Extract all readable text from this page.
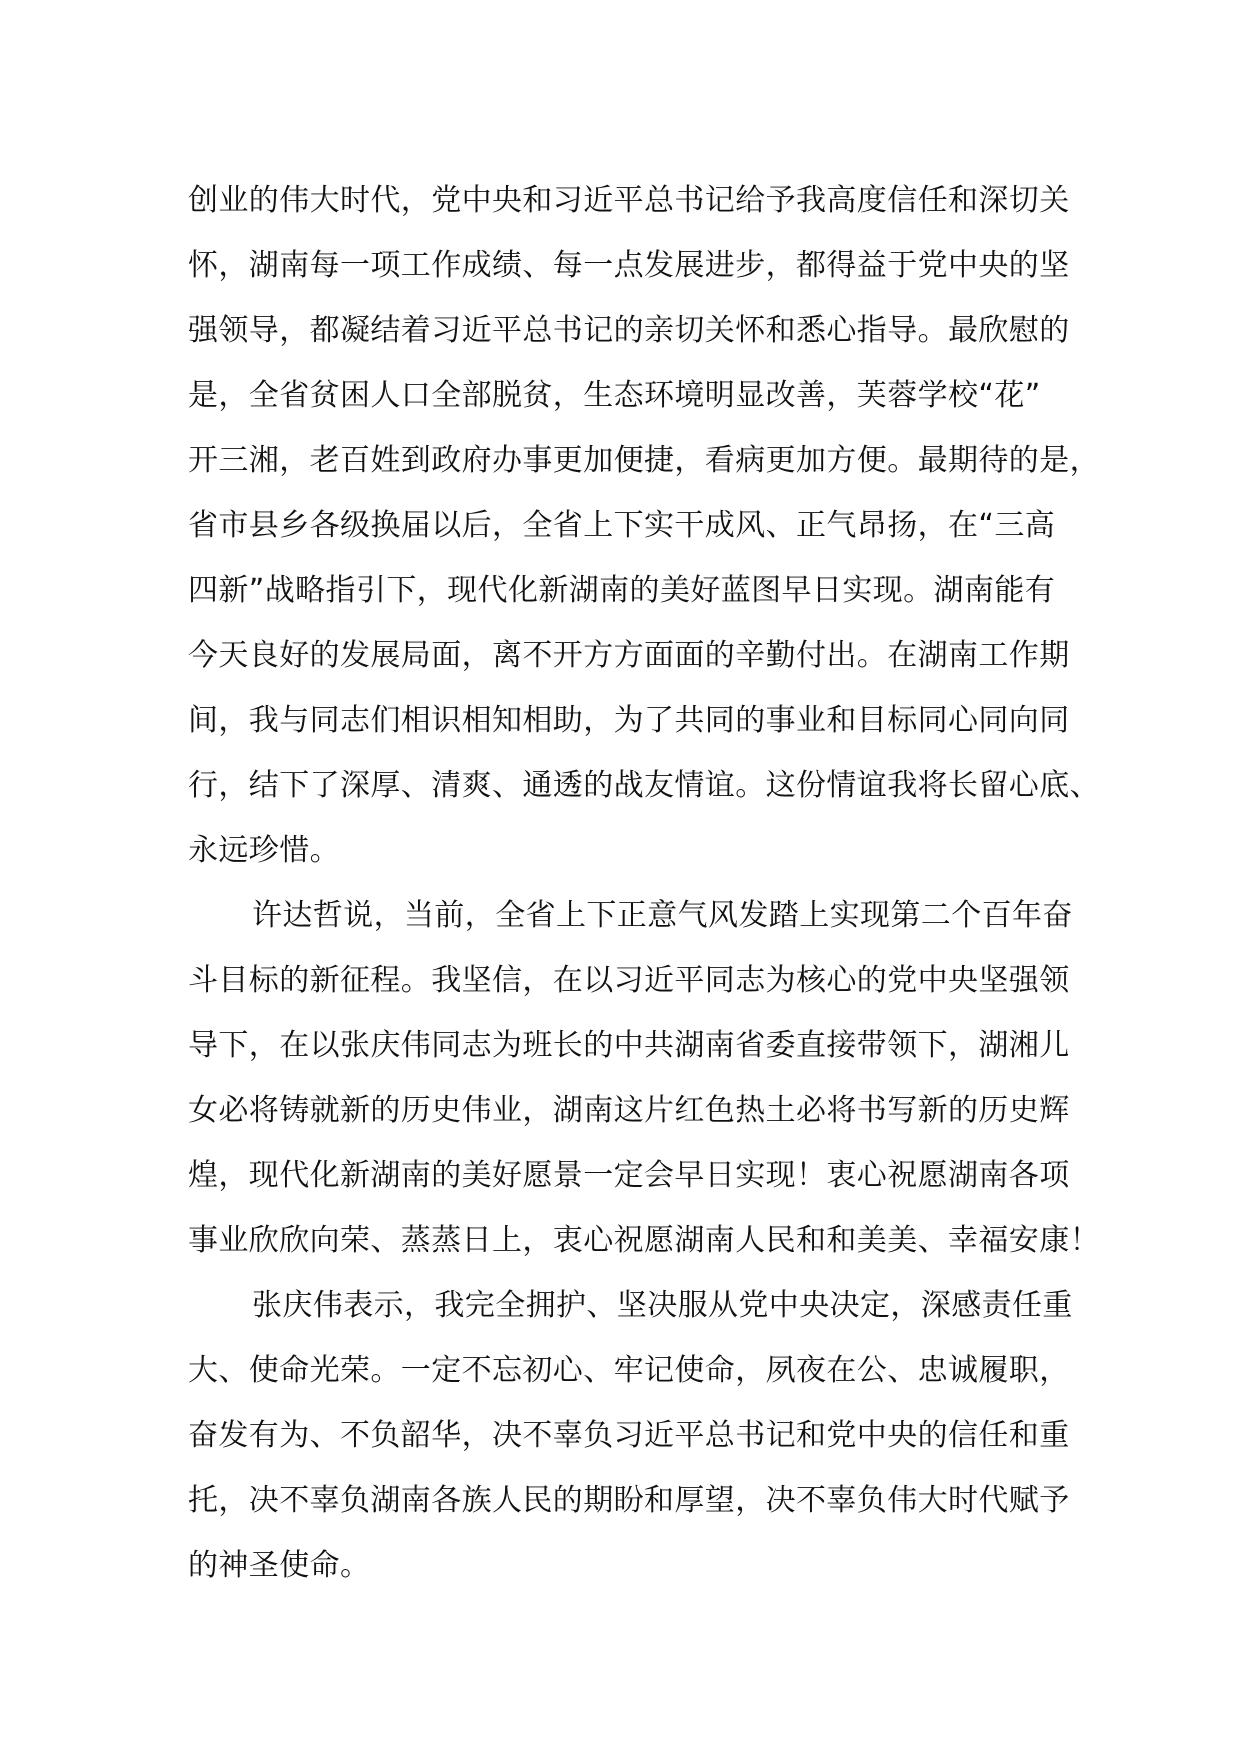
创业的伟大时代，党中央和习近平总书记给予我高度信任和深切关
怀，湖南每一项工作成绩、每一点发展进步，都得益于党中央的坚
强领导，都凝结着习近平总书记的亲切关怀和悉心指导。最欣慰的
是，全省贫困人口全部脱贫，生态环境明显改善，芙蓉学校“花”
开三湘，老百姓到政府办事更加便捷，看病更加方便。最期待的是，
省市县乡各级换届以后，全省上下实干成风、正气昂扬，在“三高
四新”战略指引下，现代化新湖南的美好蓝图早日实现。湖南能有
今天良好的发展局面，离不开方方面面的辛勤付出。在湖南工作期
间，我与同志们相识相知相助，为了共同的事业和目标同心同向同
行，结下了深厚、清爽、通透的战友情谊。这份情谊我将长留心底、
永远珍惜。
许达哲说，当前，全省上下正意气风发踏上实现第二个百年奋
斗目标的新征程。我坚信，在以习近平同志为核心的党中央坚强领
导下，在以张庆伟同志为班长的中共湖南省委直接带领下，湖湘儿
女必将铸就新的历史伟业，湖南这片红色热土必将书写新的历史辉
煌，现代化新湖南的美好愿景一定会早日实现！衷心祝愿湖南各项
事业欣欣向荣、蒸蒸日上，衷心祝愿湖南人民和和美美、幸福安康！
张庆伟表示，我完全拥护、坚决服从党中央决定，深感责任重
大、使命光荣。一定不忘初心、牢记使命，夙夜在公、忠诚履职，
奋发有为、不负韶华，决不辜负习近平总书记和党中央的信任和重
托，决不辜负湖南各族人民的期盼和厚望，决不辜负伟大时代赋予
的神圣使命。
